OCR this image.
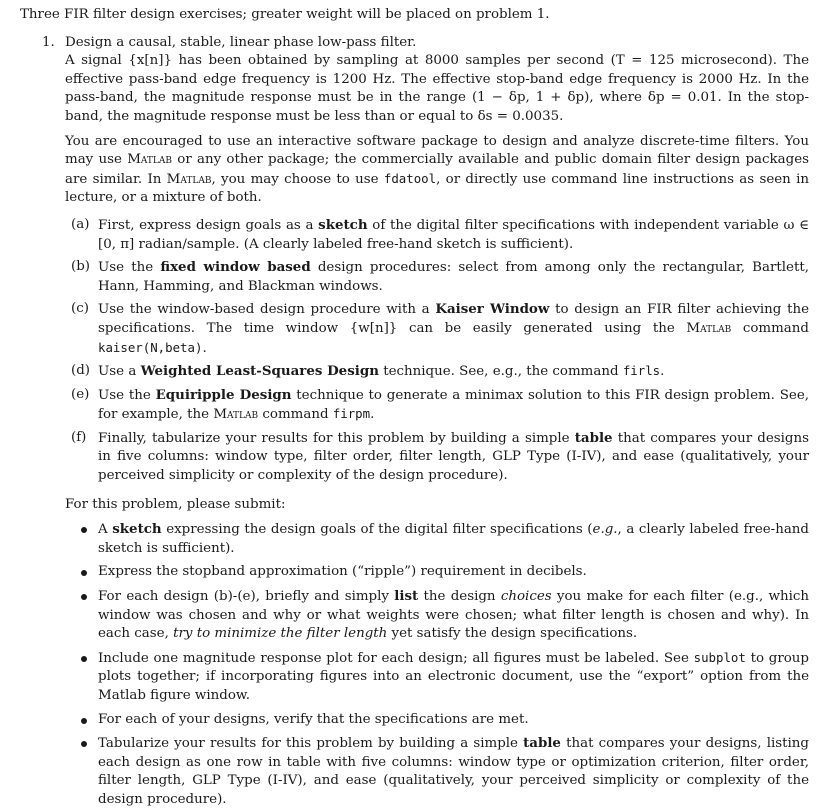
Three FIR filter design exercises; greater weight will be placed on problem 1.
1. Design a causal, stable, linear phase low-pass filter.

A signal {x[n]} has been obtained by sampling at 8000 samples per second (T = 125 microsecond). The effective pass-band edge frequency is 1200 Hz. The effective stop-band edge frequency is 2000 Hz. In the pass-band, the magnitude response must be in the range (1 − δp, 1 + δp), where δp = 0.01. In the stop-band, the magnitude response must be less than or equal to δs = 0.0035.

You are encouraged to use an interactive software package to design and analyze discrete-time filters. You may use Matlab or any other package; the commercially available and public domain filter design packages are similar. In Matlab, you may choose to use fdatool, or directly use command line instructions as seen in lecture, or a mixture of both.

(a) First, express design goals as a sketch of the digital filter specifications with independent variable ω ∈ [0, π] radian/sample. (A clearly labeled free-hand sketch is sufficient).
(b) Use the fixed window based design procedures: select from among only the rectangular, Bartlett, Hann, Hamming, and Blackman windows.
(c) Use the window-based design procedure with a Kaiser Window to design an FIR filter achieving the specifications. The time window {w[n]} can be easily generated using the Matlab command kaiser(N,beta).
(d) Use a Weighted Least-Squares Design technique. See, e.g., the command firls.
(e) Use the Equiripple Design technique to generate a minimax solution to this FIR design problem. See, for example, the Matlab command firpm.
(f) Finally, tabularize your results for this problem by building a simple table that compares your designs in five columns: window type, filter order, filter length, GLP Type (I-IV), and ease (qualitatively, your perceived simplicity or complexity of the design procedure).
For this problem, please submit:
A sketch expressing the design goals of the digital filter specifications (e.g., a clearly labeled free-hand sketch is sufficient).
Express the stopband approximation (“ripple”) requirement in decibels.
For each design (b)-(e), briefly and simply list the design choices you make for each filter (e.g., which window was chosen and why or what weights were chosen; what filter length is chosen and why). In each case, try to minimize the filter length yet satisfy the design specifications.
Include one magnitude response plot for each design; all figures must be labeled. See subplot to group plots together; if incorporating figures into an electronic document, use the “export” option from the Matlab figure window.
For each of your designs, verify that the specifications are met.
Tabularize your results for this problem by building a simple table that compares your designs, listing each design as one row in table with five columns: window type or optimization criterion, filter order, filter length, GLP Type (I-IV), and ease (qualitatively, your perceived simplicity or complexity of the design procedure).
